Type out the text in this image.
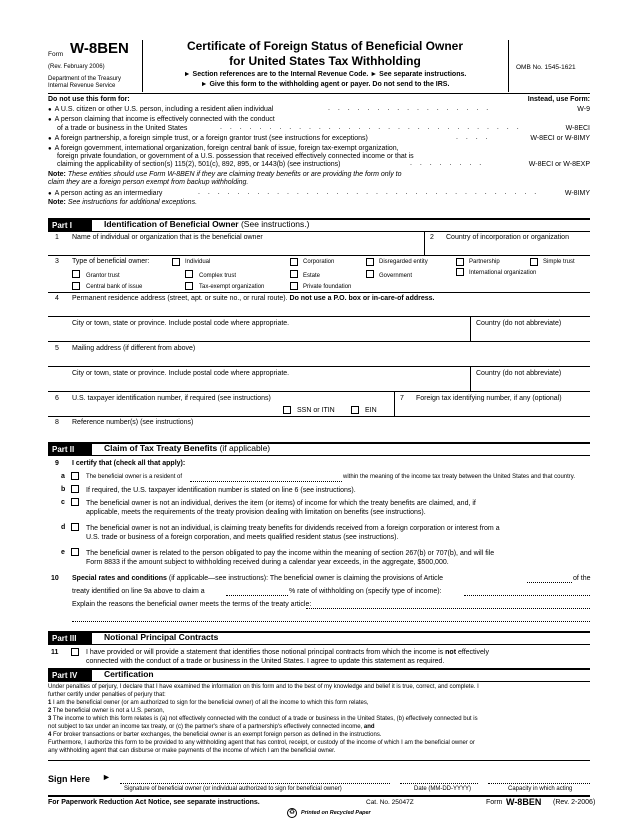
Form W-8BEN
(Rev. February 2006)
Department of the Treasury
Internal Revenue Service
Certificate of Foreign Status of Beneficial Owner
for United States Tax Withholding
► Section references are to the Internal Revenue Code. ► See separate instructions.
► Give this form to the withholding agent or payer. Do not send to the IRS.
OMB No. 1545-1621
Do not use this form for:	Instead, use Form:
● A U.S. citizen or other U.S. person, including a resident alien individual	. . . . . . . . . . . . . . . . .	W-9
● A person claiming that income is effectively connected with the conduct
of a trade or business in the United States	. . . . . . . . . . . . . . . . . . . . . . . . . . . . . . .	W-8ECI
● A foreign partnership, a foreign simple trust, or a foreign grantor trust (see instructions for exceptions)	. . . .	W-8ECI or W-8IMY
● A foreign government, international organization, foreign central bank of issue, foreign tax-exempt organization,
foreign private foundation, or government of a U.S. possession that received effectively connected income or that is
claiming the applicability of section(s) 115(2), 501(c), 892, 895, or 1443(b) (see instructions)	. . . . . . . .	W-8ECI or W-8EXP
Note: These entities should use Form W-8BEN if they are claiming treaty benefits or are providing the form only to
claim they are a foreign person exempt from backup withholding.
● A person acting as an intermediary	. . . . . . . . . . . . . . . . . . . . . . . . . . . . . . . . . . .	W-8IMY
Note: See instructions for additional exceptions.
Part I	Identification of Beneficial Owner (See instructions.)
1 Name of individual or organization that is the beneficial owner	2 Country of incorporation or organization
3 Type of beneficial owner:	Individual	Corporation	Disregarded entity	Partnership	Simple trust
Grantor trust	Complex trust	Estate	Government	International organization
Central bank of issue	Tax-exempt organization	Private foundation
4 Permanent residence address (street, apt. or suite no., or rural route). Do not use a P.O. box or in-care-of address.
City or town, state or province. Include postal code where appropriate.	Country (do not abbreviate)
5 Mailing address (if different from above)
City or town, state or province. Include postal code where appropriate.	Country (do not abbreviate)
6 U.S. taxpayer identification number, if required (see instructions)
SSN or ITIN	EIN
7 Foreign tax identifying number, if any (optional)
8 Reference number(s) (see instructions)
Part II	Claim of Tax Treaty Benefits (if applicable)
9 I certify that (check all that apply):
a	The beneficial owner is a resident of	within the meaning of the income tax treaty between the United States and that country.
b	If required, the U.S. taxpayer identification number is stated on line 6 (see instructions).
c	The beneficial owner is not an individual, derives the item (or items) of income for which the treaty benefits are claimed, and, if
applicable, meets the requirements of the treaty provision dealing with limitation on benefits (see instructions).
d	The beneficial owner is not an individual, is claiming treaty benefits for dividends received from a foreign corporation or interest from a
U.S. trade or business of a foreign corporation, and meets qualified resident status (see instructions).
e	The beneficial owner is related to the person obligated to pay the income within the meaning of section 267(b) or 707(b), and will file
Form 8833 if the amount subject to withholding received during a calendar year exceeds, in the aggregate, $500,000.
10 Special rates and conditions (if applicable—see instructions): The beneficial owner is claiming the provisions of Article	of the
treaty identified on line 9a above to claim a	% rate of withholding on (specify type of income):
Explain the reasons the beneficial owner meets the terms of the treaty article:
Part III	Notional Principal Contracts
11	I have provided or will provide a statement that identifies those notional principal contracts from which the income is not effectively
connected with the conduct of a trade or business in the United States. I agree to update this statement as required.
Part IV	Certification
Under penalties of perjury, I declare that I have examined the information on this form and to the best of my knowledge and belief it is true, correct, and complete. I
further certify under penalties of perjury that:
1 I am the beneficial owner (or am authorized to sign for the beneficial owner) of all the income to which this form relates,
2 The beneficial owner is not a U.S. person,
3 The income to which this form relates is (a) not effectively connected with the conduct of a trade or business in the United States, (b) effectively connected but is
not subject to tax under an income tax treaty, or (c) the partner's share of a partnership's effectively connected income, and
4 For broker transactions or barter exchanges, the beneficial owner is an exempt foreign person as defined in the instructions.
Furthermore, I authorize this form to be provided to any withholding agent that has control, receipt, or custody of the income of which I am the beneficial owner or
any withholding agent that can disburse or make payments of the income of which I am the beneficial owner.
Sign Here ►
Signature of beneficial owner (or individual authorized to sign for beneficial owner)	Date (MM-DD-YYYY)	Capacity in which acting
For Paperwork Reduction Act Notice, see separate instructions.	Cat. No. 25047Z	Form W-8BEN (Rev. 2-2006)
♻	Printed on Recycled Paper
